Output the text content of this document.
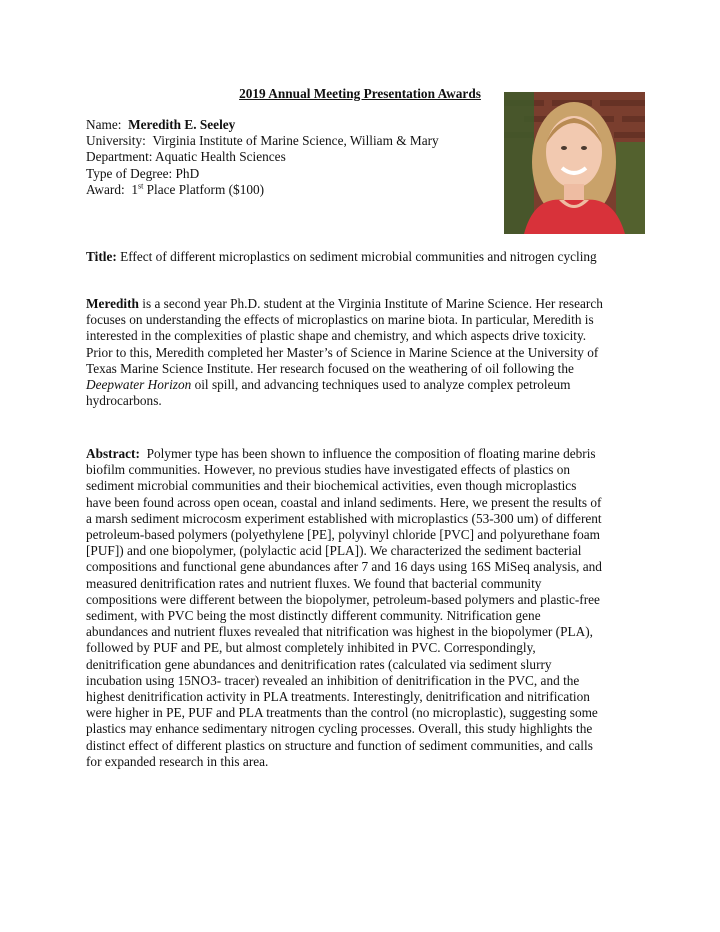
2019 Annual Meeting Presentation Awards
Name: Meredith E. Seeley
University: Virginia Institute of Marine Science, William & Mary
Department: Aquatic Health Sciences
Type of Degree: PhD
Award: 1st Place Platform ($100)
Title: Effect of different microplastics on sediment microbial communities and nitrogen cycling
Meredith is a second year Ph.D. student at the Virginia Institute of Marine Science. Her research
focuses on understanding the effects of microplastics on marine biota. In particular, Meredith is
interested in the complexities of plastic shape and chemistry, and which aspects drive toxicity.
Prior to this, Meredith completed her Master’s of Science in Marine Science at the University of
Texas Marine Science Institute. Her research focused on the weathering of oil following the
Deepwater Horizon oil spill, and advancing techniques used to analyze complex petroleum
hydrocarbons.
Abstract:  Polymer type has been shown to influence the composition of floating marine debris
biofilm communities. However, no previous studies have investigated effects of plastics on
sediment microbial communities and their biochemical activities, even though microplastics
have been found across open ocean, coastal and inland sediments. Here, we present the results of
a marsh sediment microcosm experiment established with microplastics (53-300 um) of different
petroleum-based polymers (polyethylene [PE], polyvinyl chloride [PVC] and polyurethane foam
[PUF]) and one biopolymer, (polylactic acid [PLA]). We characterized the sediment bacterial
compositions and functional gene abundances after 7 and 16 days using 16S MiSeq analysis, and
measured denitrification rates and nutrient fluxes. We found that bacterial community
compositions were different between the biopolymer, petroleum-based polymers and plastic-free
sediment, with PVC being the most distinctly different community. Nitrification gene
abundances and nutrient fluxes revealed that nitrification was highest in the biopolymer (PLA),
followed by PUF and PE, but almost completely inhibited in PVC. Correspondingly,
denitrification gene abundances and denitrification rates (calculated via sediment slurry
incubation using 15NO3- tracer) revealed an inhibition of denitrification in the PVC, and the
highest denitrification activity in PLA treatments. Interestingly, denitrification and nitrification
were higher in PE, PUF and PLA treatments than the control (no microplastic), suggesting some
plastics may enhance sedimentary nitrogen cycling processes. Overall, this study highlights the
distinct effect of different plastics on structure and function of sediment communities, and calls
for expanded research in this area.
